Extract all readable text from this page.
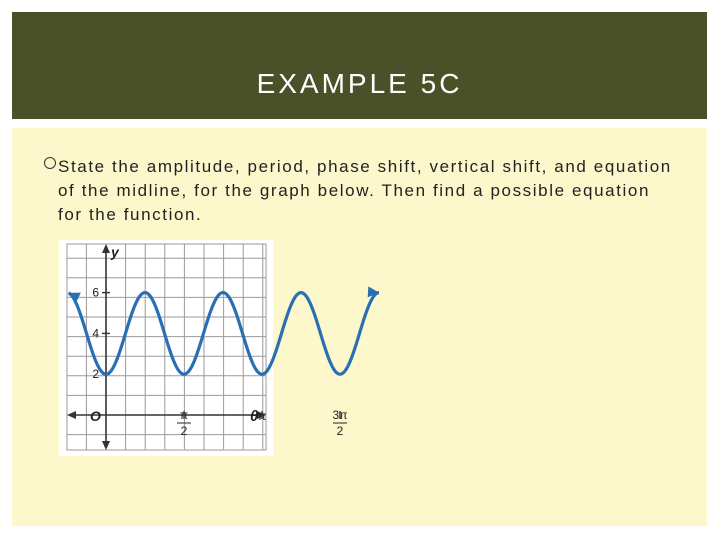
EXAMPLE 5C
State the amplitude, period, phase shift, vertical shift, and equation of the midline, for the graph below. Then find a possible equation for the function.
y
θ
O
2
4
6
π
2
π	3π
2
